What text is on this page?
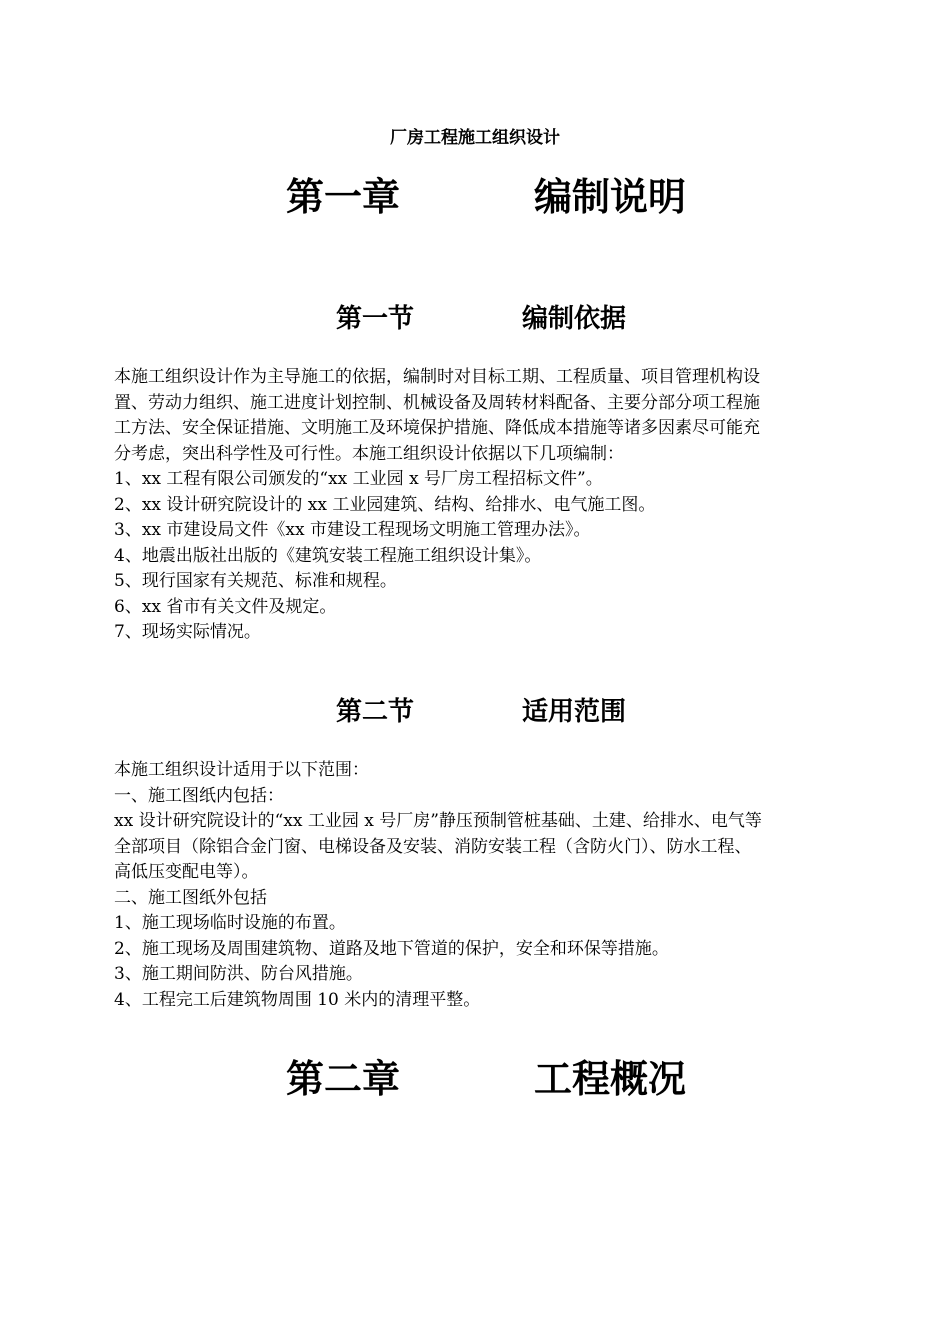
厂房工程施工组织设计
第一章	编制说明
第一节	编制依据
本施工组织设计作为主导施工的依据，编制时对目标工期、工程质量、项目管理机构设
置、劳动力组织、施工进度计划控制、机械设备及周转材料配备、主要分部分项工程施
工方法、安全保证措施、文明施工及环境保护措施、降低成本措施等诸多因素尽可能充
分考虑，突出科学性及可行性。本施工组织设计依据以下几项编制：
1、xx 工程有限公司颁发的“xx 工业园 x 号厂房工程招标文件”。
2、xx 设计研究院设计的 xx 工业园建筑、结构、给排水、电气施工图。
3、xx 市建设局文件《xx 市建设工程现场文明施工管理办法》。
4、地震出版社出版的《建筑安装工程施工组织设计集》。
5、现行国家有关规范、标准和规程。
6、xx 省市有关文件及规定。
7、现场实际情况。
第二节	适用范围
本施工组织设计适用于以下范围：
一、施工图纸内包括：
xx 设计研究院设计的“xx 工业园 x 号厂房”静压预制管桩基础、土建、给排水、电气等
全部项目（除铝合金门窗、电梯设备及安装、消防安装工程（含防火门）、防水工程、
高低压变配电等）。
二、施工图纸外包括
1、施工现场临时设施的布置。
2、施工现场及周围建筑物、道路及地下管道的保护，安全和环保等措施。
3、施工期间防洪、防台风措施。
4、工程完工后建筑物周围 10 米内的清理平整。
第二章	工程概况
